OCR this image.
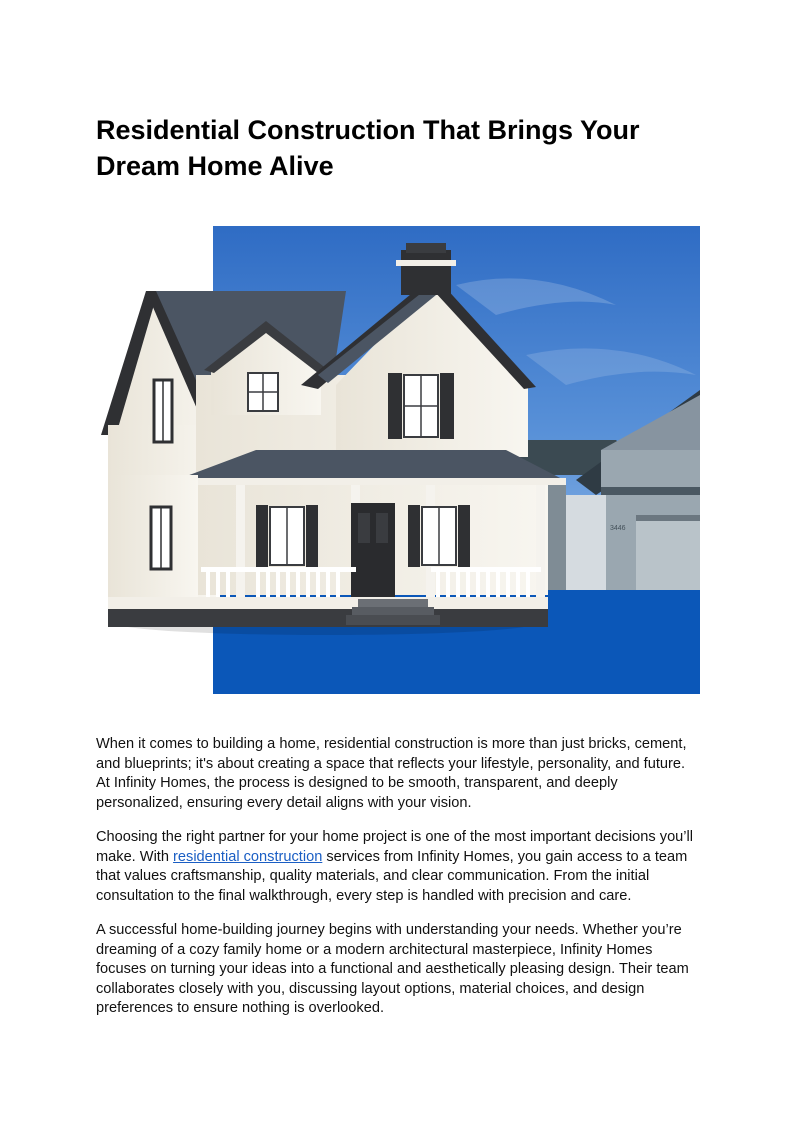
Residential Construction That Brings Your Dream Home Alive
3446

When it comes to building a home, residential construction is more than just bricks, cement, and blueprints; it's about creating a space that reflects your lifestyle, personality, and future. At Infinity Homes, the process is designed to be smooth, transparent, and deeply personalized, ensuring every detail aligns with your vision.

Choosing the right partner for your home project is one of the most important decisions you’ll make. With residential construction services from Infinity Homes, you gain access to a team that values craftsmanship, quality materials, and clear communication. From the initial consultation to the final walkthrough, every step is handled with precision and care.

A successful home-building journey begins with understanding your needs. Whether you’re dreaming of a cozy family home or a modern architectural masterpiece, Infinity Homes focuses on turning your ideas into a functional and aesthetically pleasing design. Their team collaborates closely with you, discussing layout options, material choices, and design preferences to ensure nothing is overlooked.
